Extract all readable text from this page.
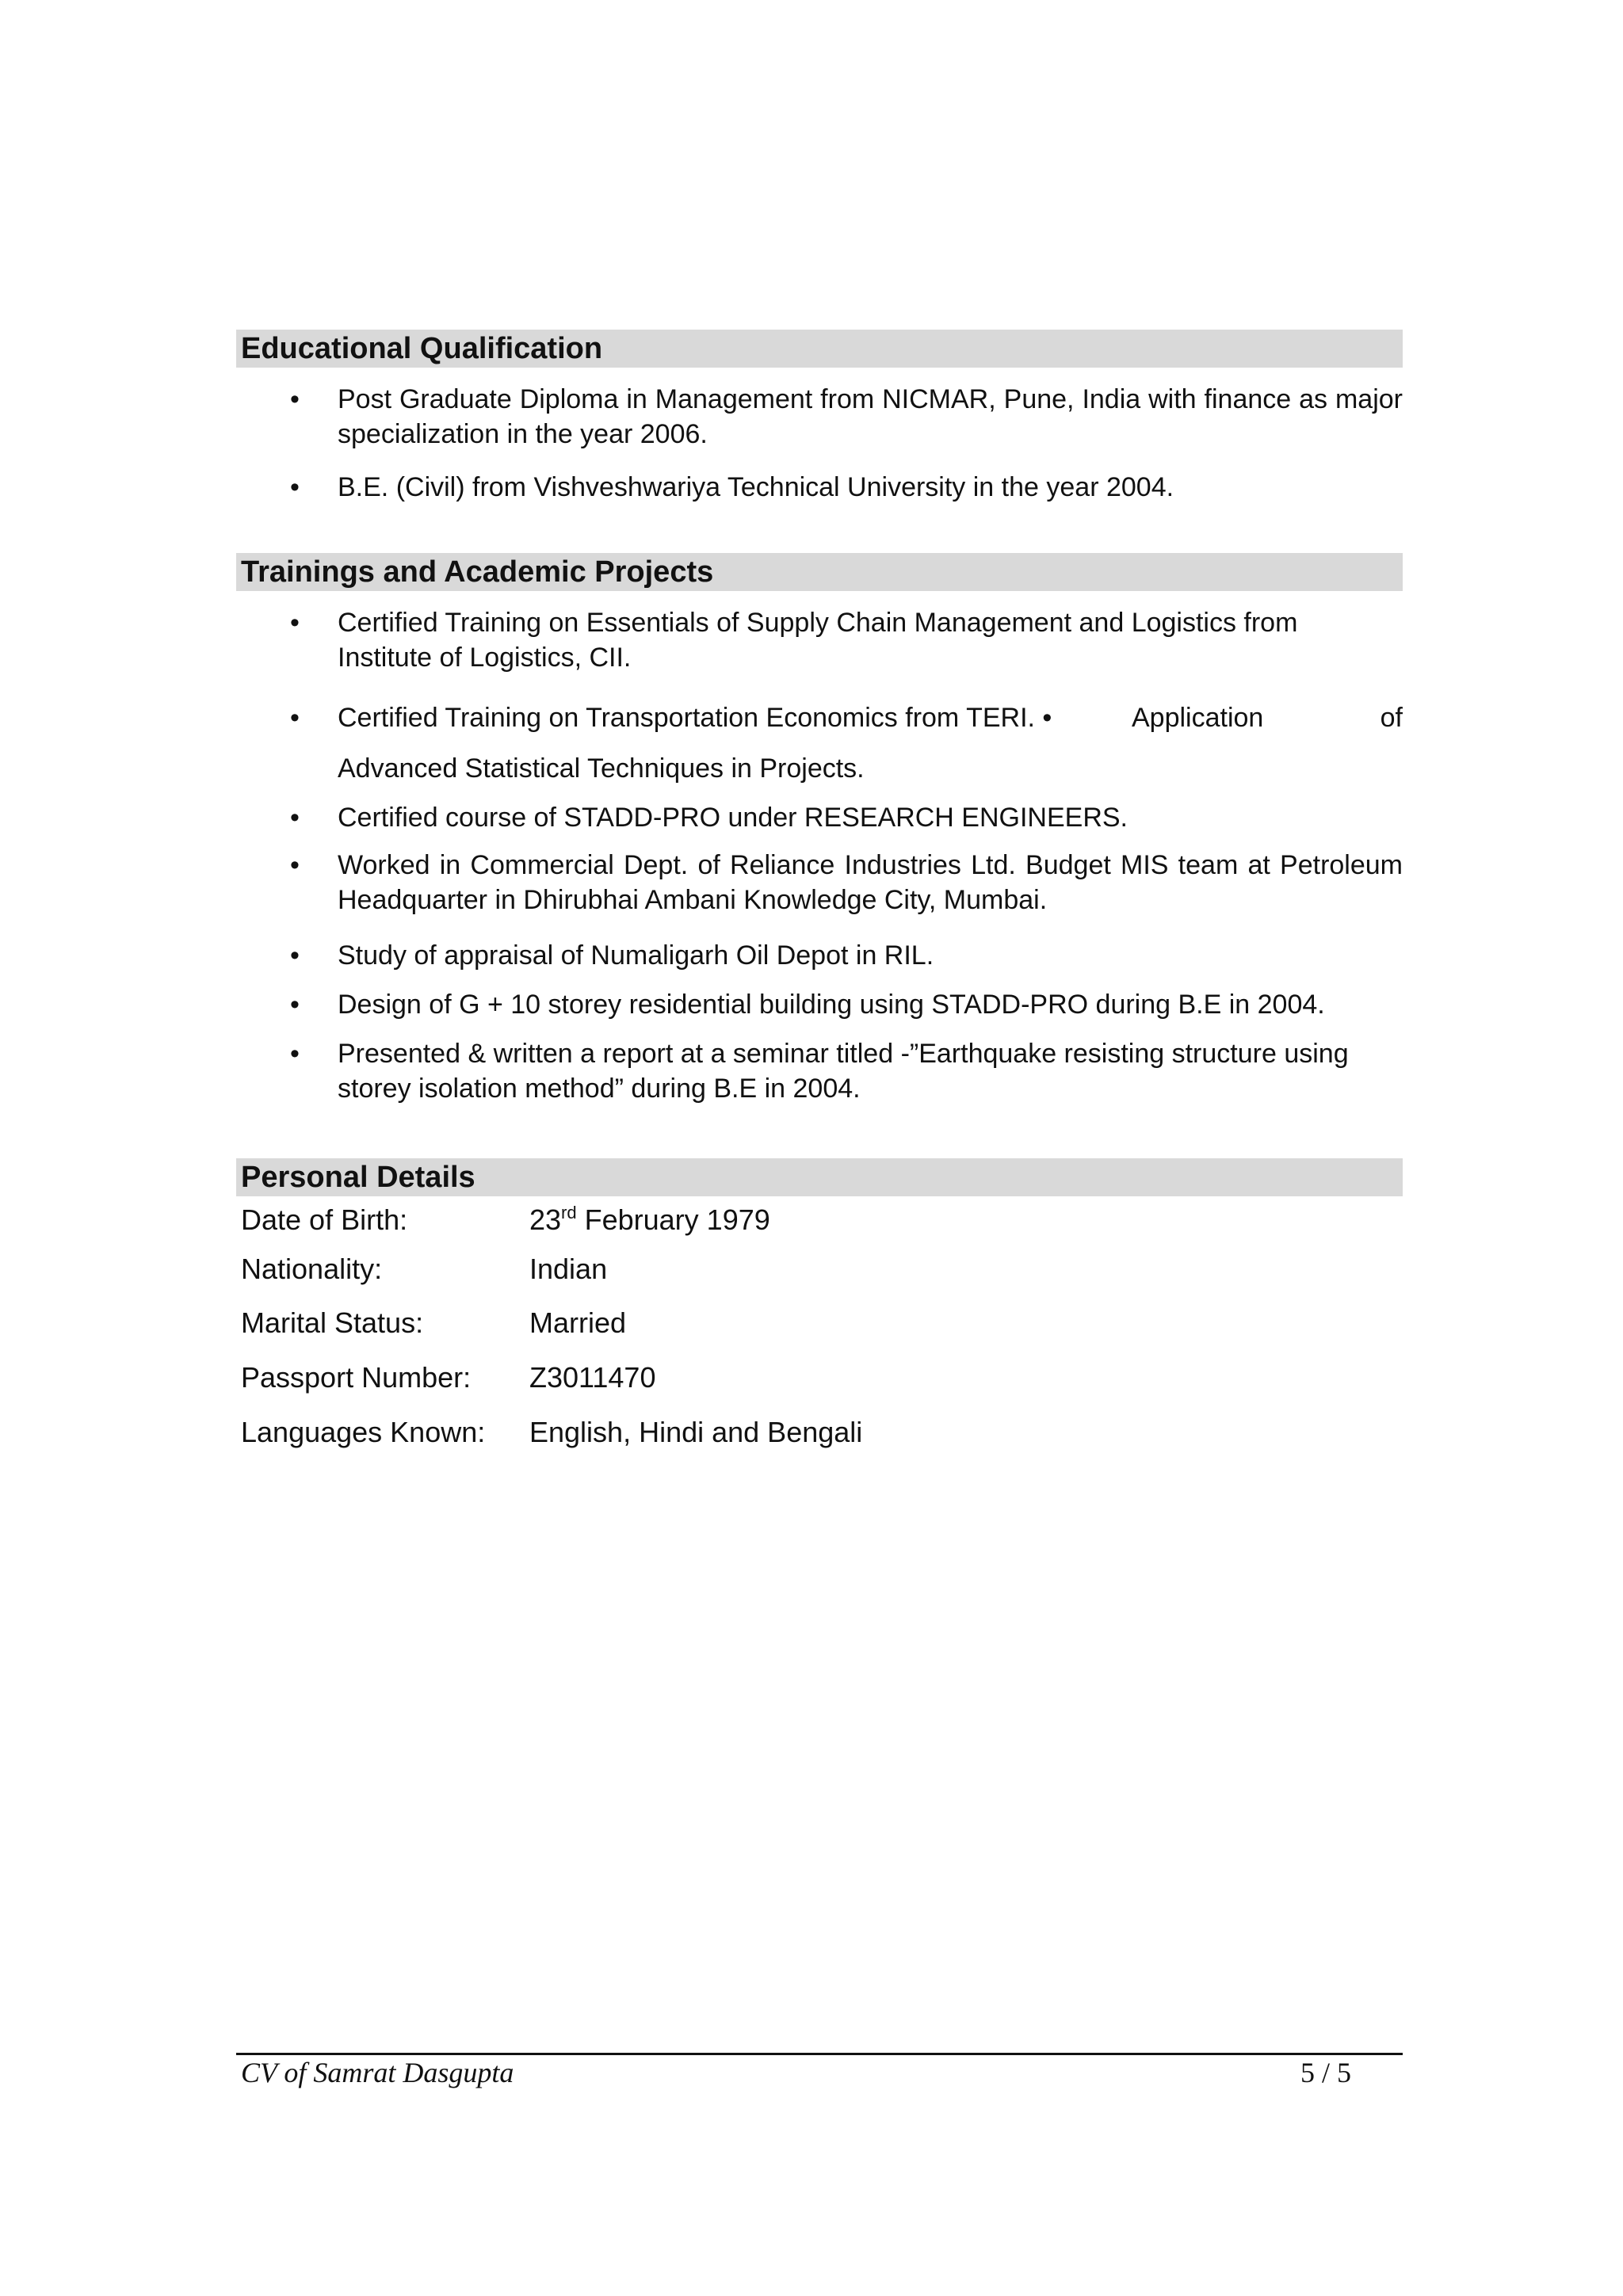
Educational Qualification
• Post Graduate Diploma in Management from NICMAR, Pune, India with finance as major specialization in the year 2006.
• B.E. (Civil) from Vishveshwariya Technical University in the year 2004.
Trainings and Academic Projects
• Certified Training on Essentials of Supply Chain Management and Logistics from Institute of Logistics, CII.
• Certified Training on Transportation Economics from TERI. •	Application	of
Advanced Statistical Techniques in Projects.
• Certified course of STADD-PRO under RESEARCH ENGINEERS.
• Worked in Commercial Dept. of Reliance Industries Ltd. Budget MIS team at Petroleum Headquarter in Dhirubhai Ambani Knowledge City, Mumbai.
• Study of appraisal of Numaligarh Oil Depot in RIL.
• Design of G + 10 storey residential building using STADD-PRO during B.E in 2004.
• Presented & written a report at a seminar titled -”Earthquake resisting structure using storey isolation method” during B.E in 2004.
Personal Details
Date of Birth:	23rd February 1979
Nationality:	Indian
Marital Status:	Married
Passport Number: Z3011470
Languages Known: English, Hindi and Bengali
CV of Samrat Dasgupta	5 / 5
